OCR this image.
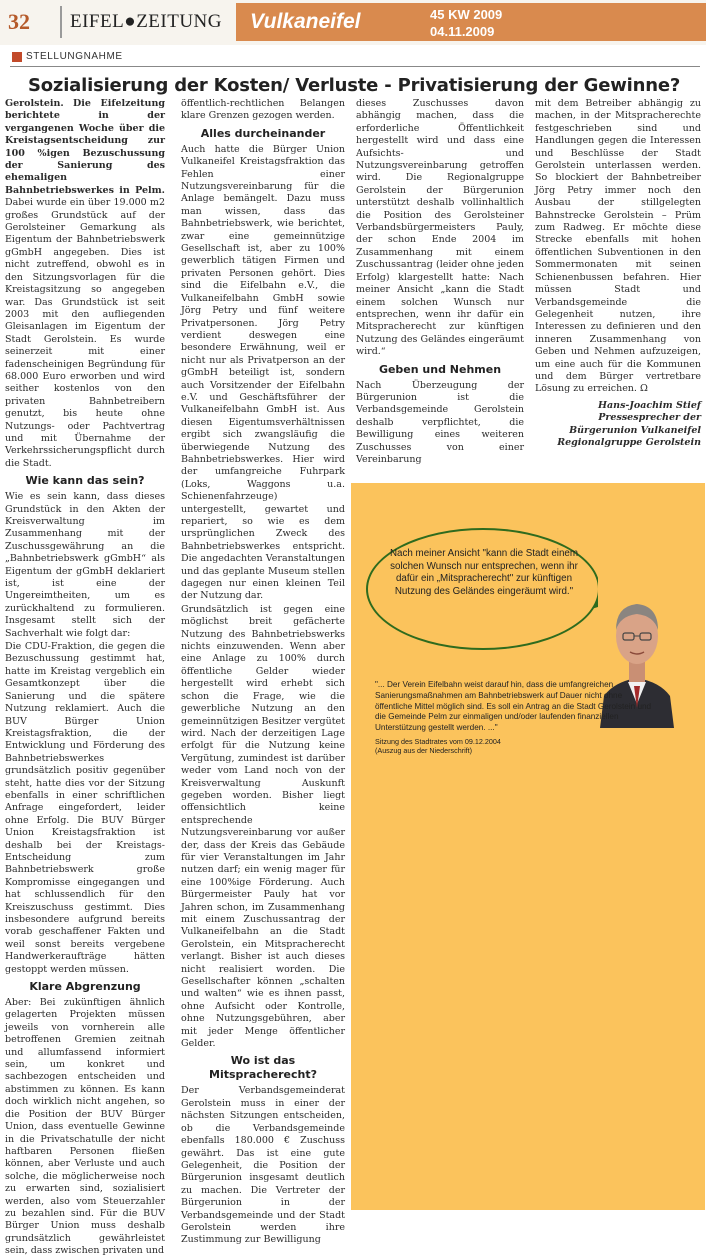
32	EIFEL●ZEITUNG	Vulkaneifel	45 KW 2009
04.11.2009
STELLUNGNAHME
Sozialisierung der Kosten/ Verluste - Privatisierung der Gewinne?

Gerolstein. Die Eifelzeitung berichtete in der vergangenen Woche über die Kreistagsentscheidung zur 100 %igen Bezuschussung der Sanierung des ehemaligen Bahnbetriebswerkes in Pelm. Dabei wurde ein über 19.000 m2 großes Grundstück auf der Gerolsteiner Gemarkung als Eigentum der Bahnbetriebswerk gGmbH angegeben. Dies ist nicht zutreffend, obwohl es in den Sitzungsvorlagen für die Kreistagsitzung so angegeben war. Das Grundstück ist seit 2003 mit den aufliegenden Gleisanlagen im Eigentum der Stadt Gerolstein. Es wurde seinerzeit mit einer fadenscheinigen Begründung für 68.000 Euro erworben und wird seither kostenlos von den privaten Bahnbetreibern genutzt, bis heute ohne Nutzungs- oder Pachtvertrag und mit Übernahme der Verkehrssicherungspflicht durch die Stadt.

Wie kann das sein?

Wie es sein kann, dass dieses Grundstück in den Akten der Kreisverwaltung im Zusammenhang mit der Zuschussgewährung an die „Bahnbetriebswerk gGmbH“ als Eigentum der gGmbH deklariert ist, ist eine der Ungereimtheiten, um es zurückhaltend zu formulieren. Insgesamt stellt sich der Sachverhalt wie folgt dar:

Die CDU-Fraktion, die gegen die Bezuschussung gestimmt hat, hatte im Kreistag vergeblich ein Gesamtkonzept über die Sanierung und die spätere Nutzung reklamiert. Auch die BUV Bürger Union Kreistagsfraktion, die der Entwicklung und Förderung des Bahnbetriebswerkes grundsätzlich positiv gegenüber steht, hatte dies vor der Sitzung ebenfalls in einer schriftlichen Anfrage eingefordert, leider ohne Erfolg. Die BUV Bürger Union Kreistagsfraktion ist deshalb bei der Kreistags-Entscheidung zum Bahnbetriebswerk große Kompromisse eingegangen und hat schlussendlich für den Kreiszuschuss gestimmt. Dies insbesondere aufgrund bereits vorab geschaffener Fakten und weil sonst bereits vergebene Handwerkeraufträge hätten gestoppt werden müssen.

Klare Abgrenzung

Aber: Bei zukünftigen ähnlich gelagerten Projekten müssen jeweils von vornherein alle betroffenen Gremien zeitnah und allumfassend informiert sein, um konkret und sachbezogen entscheiden und abstimmen zu können. Es kann doch wirklich nicht angehen, so die Position der BUV Bürger Union, dass eventuelle Gewinne in die Privatschatulle der nicht haftbaren Personen fließen können, aber Verluste und auch solche, die möglicherweise noch zu erwarten sind, sozialisiert werden, also vom Steuerzahler zu bezahlen sind. Für die BUV Bürger Union muss deshalb grundsätzlich gewährleistet sein, dass zwischen privaten und

öffentlich-rechtlichen Belangen klare Grenzen gezogen werden.

Alles durcheinander

Auch hatte die Bürger Union Vulkaneifel Kreistagsfraktion das Fehlen einer Nutzungsvereinbarung für die Anlage bemängelt. Dazu muss man wissen, dass das Bahnbetriebswerk, wie berichtet, zwar eine gemeinnützige Gesellschaft ist, aber zu 100% gewerblich tätigen Firmen und privaten Personen gehört. Dies sind die Eifelbahn e.V., die Vulkaneifelbahn GmbH sowie Jörg Petry und fünf weitere Privatpersonen. Jörg Petry verdient deswegen eine besondere Erwähnung, weil er nicht nur als Privatperson an der gGmbH beteiligt ist, sondern auch Vorsitzender der Eifelbahn e.V. und Geschäftsführer der Vulkaneifelbahn GmbH ist. Aus diesen Eigentumsverhältnissen ergibt sich zwangsläufig die überwiegende Nutzung des Bahnbetriebswerkes. Hier wird der umfangreiche Fuhrpark (Loks, Waggons u.a. Schienenfahrzeuge) untergestellt, gewartet und repariert, so wie es dem ursprünglichen Zweck des Bahnbetriebswerkes entspricht. Die angedachten Veranstaltungen und das geplante Museum stellen dagegen nur einen kleinen Teil der Nutzung dar.

Grundsätzlich ist gegen eine möglichst breit gefächerte Nutzung des Bahnbetriebswerks nichts einzuwenden. Wenn aber eine Anlage zu 100% durch öffentliche Gelder wieder hergestellt wird erhebt sich schon die Frage, wie die gewerbliche Nutzung an den gemeinnützigen Besitzer vergütet wird. Nach der derzeitigen Lage erfolgt für die Nutzung keine Vergütung, zumindest ist darüber weder vom Land noch von der Kreisverwaltung Auskunft gegeben worden. Bisher liegt offensichtlich keine entsprechende Nutzungsvereinbarung vor außer der, dass der Kreis das Gebäude für vier Veranstaltungen im Jahr nutzen darf; ein wenig mager für eine 100%ige Förderung. Auch Bürgermeister Pauly hat vor Jahren schon, im Zusammenhang mit einem Zuschussantrag der Vulkaneifelbahn an die Stadt Gerolstein, ein Mitspracherecht verlangt. Bisher ist auch dieses nicht realisiert worden. Die Gesellschafter können „schalten und walten“ wie es ihnen passt, ohne Aufsicht oder Kontrolle, ohne Nutzungsgebühren, aber mit jeder Menge öffentlicher Gelder.

Wo ist das Mitspracherecht?

Der Verbandsgemeinderat Gerolstein muss in einer der nächsten Sitzungen entscheiden, ob die Verbandsgemeinde ebenfalls 180.000 € Zuschuss gewährt. Das ist eine gute Gelegenheit, die Position der Bürgerunion insgesamt deutlich zu machen. Die Vertreter der Bürgerunion in der Verbandsgemeinde und der Stadt Gerolstein werden ihre Zustimmung zur Bewilligung

dieses Zuschusses davon abhängig machen, dass die erforderliche Öffentlichkeit hergestellt wird und dass eine Aufsichts- und Nutzungsvereinbarung getroffen wird. Die Regionalgruppe Gerolstein der Bürgerunion unterstützt deshalb vollinhaltlich die Position des Gerolsteiner Verbandsbürgermeisters Pauly, der schon Ende 2004 im Zusammenhang mit einem Zuschussantrag (leider ohne jeden Erfolg) klargestellt hatte: Nach meiner Ansicht „kann die Stadt einem solchen Wunsch nur entsprechen, wenn ihr dafür ein Mitspracherecht zur künftigen Nutzung des Geländes eingeräumt wird.“

Geben und Nehmen

Nach Überzeugung der Bürgerunion ist die Verbandsgemeinde Gerolstein deshalb verpflichtet, die Bewilligung eines weiteren Zuschusses von einer Vereinbarung

mit dem Betreiber abhängig zu machen, in der Mitspracherechte festgeschrieben sind und Handlungen gegen die Interessen und Beschlüsse der Stadt Gerolstein unterlassen werden. So blockiert der Bahnbetreiber Jörg Petry immer noch den Ausbau der stillgelegten Bahnstrecke Gerolstein – Prüm zum Radweg. Er möchte diese Strecke ebenfalls mit hohen öffentlichen Subventionen in den Sommermonaten mit seinen Schienenbussen befahren. Hier müssen Stadt und Verbandsgemeinde die Gelegenheit nutzen, ihre Interessen zu definieren und den inneren Zusammenhang von Geben und Nehmen aufzuzeigen, um eine auch für die Kommunen und dem Bürger vertretbare Lösung zu erreichen. Ω

Hans-Joachim Stief
Pressesprecher der Bürgerunion Vulkaneifel Regionalgruppe Gerolstein
Nach meiner Ansicht "kann die Stadt einem solchen Wunsch nur entsprechen, wenn ihr dafür ein „Mitspracherecht" zur künftigen Nutzung des Geländes eingeräumt wird."
"... Der Verein Eifelbahn weist darauf hin, dass die umfangreichen Sanierungsmaßnahmen am Bahnbetriebswerk auf Dauer nicht ohne öffentliche Mittel möglich sind. Es soll ein Antrag an die Stadt Gerolstein und die Gemeinde Pelm zur einmaligen und/oder laufenden finanziellen Unterstützung gestellt werden. ..."
Sitzung des Stadtrates vom 09.12.2004
(Auszug aus der Niederschrift)
